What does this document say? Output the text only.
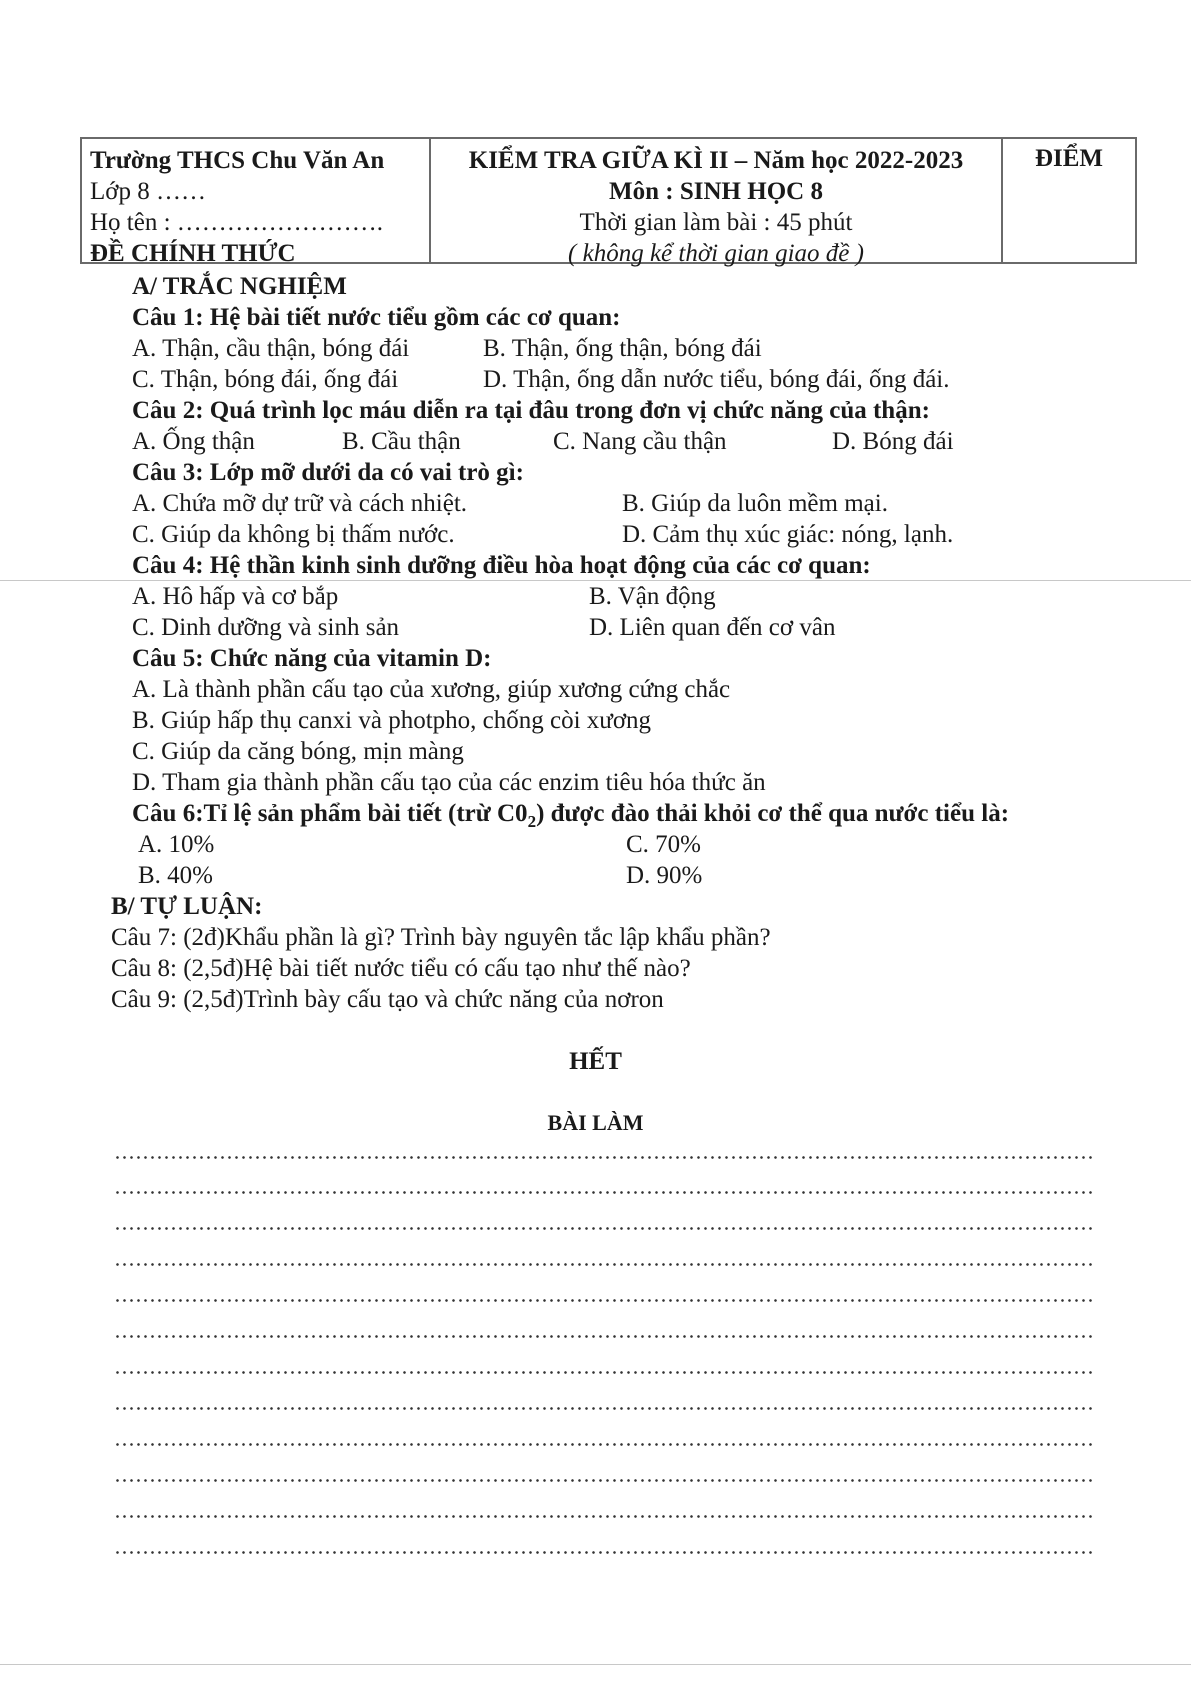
Trường THCS Chu Văn An
Lớp 8 ……
Họ tên : …………………….
ĐỀ CHÍNH THỨC
KIỂM TRA GIỮA KÌ II – Năm học 2022-2023
Môn : SINH HỌC 8
Thời gian làm bài : 45 phút
( không kể thời gian giao đề )
ĐIỂM
A/ TRẮC NGHIỆM
Câu 1: Hệ bài tiết nước tiểu gồm các cơ quan:
A. Thận, cầu thận, bóng đái	B. Thận, ống thận, bóng đái
C. Thận, bóng đái, ống đái	D. Thận, ống dẫn nước tiểu, bóng đái, ống đái.
Câu 2: Quá trình lọc máu diễn ra tại đâu trong đơn vị chức năng của thận:
A. Ống thận	B. Cầu thận	C. Nang cầu thận	D. Bóng đái
Câu 3: Lớp mỡ dưới da có vai trò gì:
A. Chứa mỡ dự trữ và cách nhiệt.	B. Giúp da luôn mềm mại.
C. Giúp da không bị thấm nước.	D. Cảm thụ xúc giác: nóng, lạnh.
Câu 4: Hệ thần kinh sinh dưỡng điều hòa hoạt động của các cơ quan:
A. Hô hấp và cơ bắp	B. Vận động
C. Dinh dưỡng và sinh sản	D. Liên quan đến cơ vân
Câu 5: Chức năng của vitamin D:
A. Là thành phần cấu tạo của xương, giúp xương cứng chắc
B. Giúp hấp thụ canxi và photpho, chống còi xương
C. Giúp da căng bóng, mịn màng
D. Tham gia thành phần cấu tạo của các enzim tiêu hóa thức ăn
Câu 6:Tỉ lệ sản phẩm bài tiết (trừ $C0_2$) được đào thải khỏi cơ thể qua nước tiểu là:
A. 10%	C. 70%
B. 40%	D. 90%
B/ TỰ LUẬN:
Câu 7: (2đ)Khẩu phần là gì? Trình bày nguyên tắc lập khẩu phần?
Câu 8: (2,5đ)Hệ bài tiết nước tiểu có cấu tạo như thế nào?
Câu 9: (2,5đ)Trình bày cấu tạo và chức năng của nơron
HẾT
BÀI LÀM
